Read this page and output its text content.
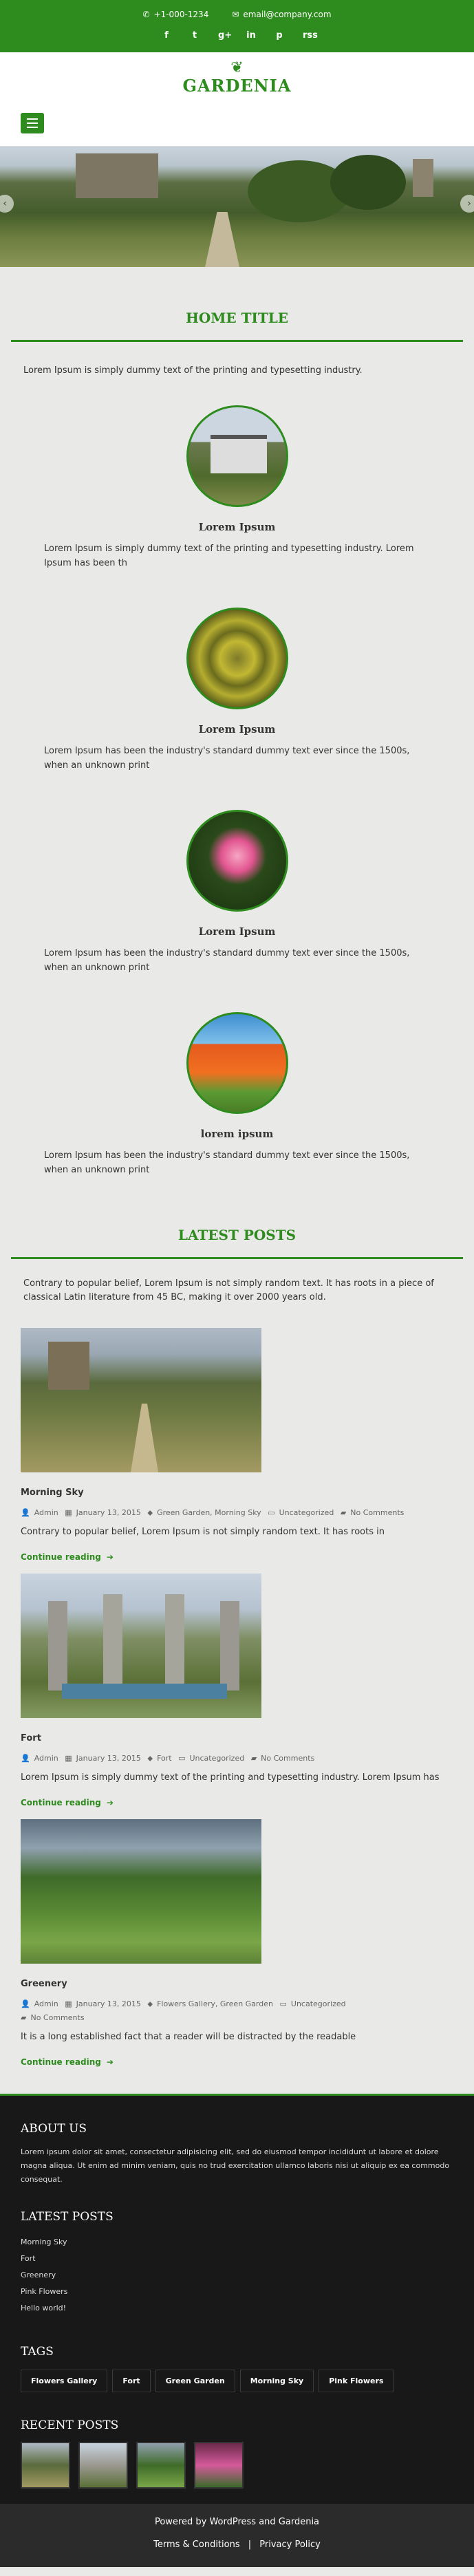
✆ +1-000-1234	✉ email@company.com
f	t g+ in p rss
❦
GARDENIA
‹	›
HOME TITLE
Lorem Ipsum is simply dummy text of the printing and typesetting industry.
Lorem Ipsum
Lorem Ipsum is simply dummy text of the printing and typesetting industry. Lorem Ipsum has been th
Lorem Ipsum
Lorem Ipsum has been the industry's standard dummy text ever since the 1500s, when an unknown print
Lorem Ipsum
Lorem Ipsum has been the industry's standard dummy text ever since the 1500s, when an unknown print
lorem ipsum
Lorem Ipsum has been the industry's standard dummy text ever since the 1500s, when an unknown print
LATEST POSTS
Contrary to popular belief, Lorem Ipsum is not simply random text. It has roots in a piece of classical Latin literature from 45 BC, making it over 2000 years old.
Morning Sky
👤 Admin ▦ January 13, 2015 ⬥ Green Garden, Morning Sky ▭ Uncategorized ▰ No Comments
Contrary to popular belief, Lorem Ipsum is not simply random text. It has roots in
Continue reading ➔
Fort
👤 Admin ▦ January 13, 2015 ⬥ Fort ▭ Uncategorized ▰ No Comments
Lorem Ipsum is simply dummy text of the printing and typesetting industry. Lorem Ipsum has
Continue reading ➔
Greenery
👤 Admin ▦ January 13, 2015 ⬥ Flowers Gallery, Green Garden ▭ Uncategorized
▰ No Comments
It is a long established fact that a reader will be distracted by the readable
Continue reading ➔
ABOUT US

Lorem ipsum dolor sit amet, consectetur adipisicing elit, sed do eiusmod tempor incididunt ut labore et dolore magna aliqua. Ut enim ad minim veniam, quis no trud exercitation ullamco laboris nisi ut aliquip ex ea commodo consequat.

LATEST POSTS
Morning Sky
Fort
Greenery
Pink Flowers
Hello world!
TAGS
Flowers Gallery	Fort	Green Garden	Morning Sky	Pink Flowers
RECENT POSTS
Powered by WordPress and Gardenia
Terms & Conditions | Privacy Policy
